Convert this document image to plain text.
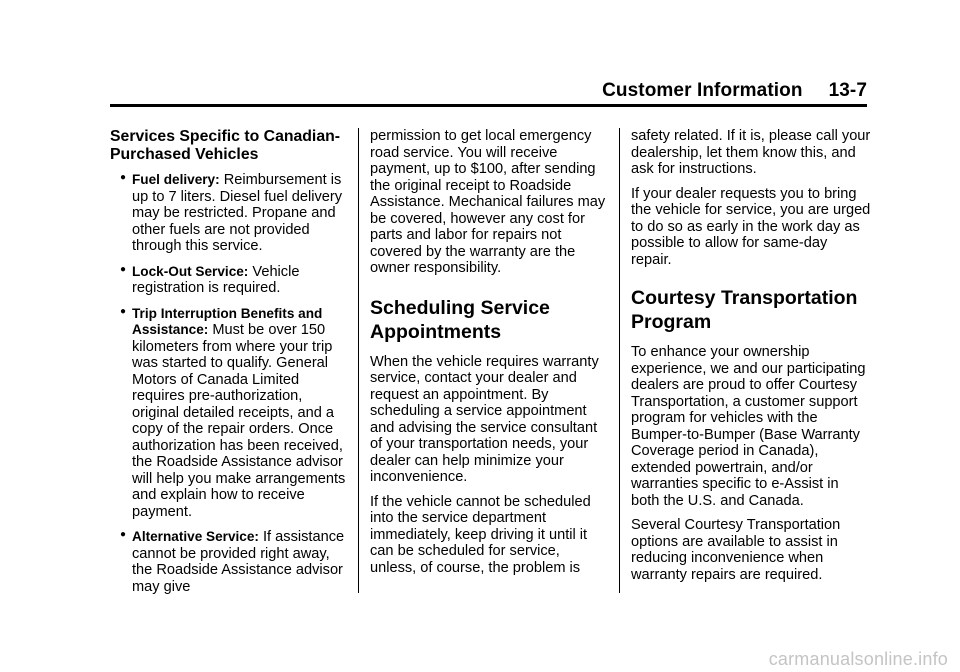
Customer Information 13-7
Services Specific to Canadian-Purchased Vehicles
● Fuel delivery: Reimbursement is up to 7 liters. Diesel fuel delivery may be restricted. Propane and other fuels are not provided through this service.
● Lock-Out Service: Vehicle registration is required.
● Trip Interruption Benefits and Assistance: Must be over 150 kilometers from where your trip was started to qualify. General Motors of Canada Limited requires pre-authorization, original detailed receipts, and a copy of the repair orders. Once authorization has been received, the Roadside Assistance advisor will help you make arrangements and explain how to receive payment.
● Alternative Service: If assistance cannot be provided right away, the Roadside Assistance advisor may give

permission to get local emergency road service. You will receive payment, up to $100, after sending the original receipt to Roadside Assistance. Mechanical failures may be covered, however any cost for parts and labor for repairs not covered by the warranty are the owner responsibility.

Scheduling Service Appointments

When the vehicle requires warranty service, contact your dealer and request an appointment. By scheduling a service appointment and advising the service consultant of your transportation needs, your dealer can help minimize your inconvenience.

If the vehicle cannot be scheduled into the service department immediately, keep driving it until it can be scheduled for service, unless, of course, the problem is

safety related. If it is, please call your dealership, let them know this, and ask for instructions.

If your dealer requests you to bring the vehicle for service, you are urged to do so as early in the work day as possible to allow for same-day repair.

Courtesy Transportation Program

To enhance your ownership experience, we and our participating dealers are proud to offer Courtesy Transportation, a customer support program for vehicles with the Bumper-to-Bumper (Base Warranty Coverage period in Canada), extended powertrain, and/or warranties specific to e-Assist in both the U.S. and Canada.

Several Courtesy Transportation options are available to assist in reducing inconvenience when warranty repairs are required.

carmanualsonline.info
